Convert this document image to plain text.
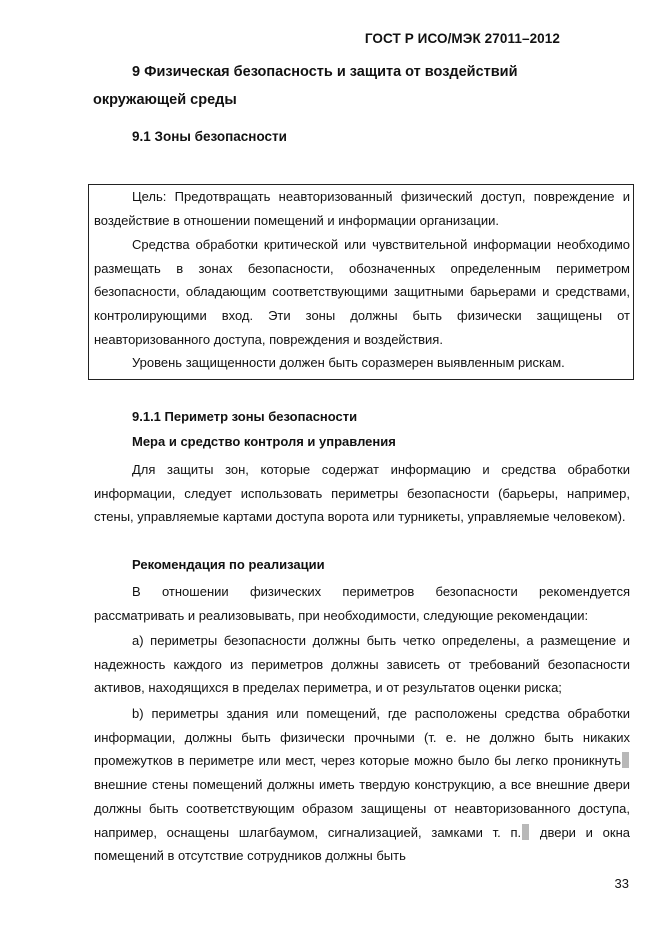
ГОСТ Р ИСО/МЭК 27011–2012
9 Физическая безопасность и защита от воздействий
окружающей среды
9.1 Зоны безопасности
Цель: Предотвращать неавторизованный физический доступ, повреждение и воздействие в отношении помещений и информации организации.
Средства обработки критической или чувствительной информации необходимо размещать в зонах безопасности, обозначенных определенным периметром безопасности, обладающим соответствующими защитными барьерами и средствами, контролирующими вход. Эти зоны должны быть физически защищены от неавторизованного доступа, повреждения и воздействия.
Уровень защищенности должен быть соразмерен выявленным рискам.
9.1.1 Периметр зоны безопасности
Мера и средство контроля и управления
Для защиты зон, которые содержат информацию и средства обработки информации, следует использовать периметры безопасности (барьеры, например, стены, управляемые картами доступа ворота или турникеты, управляемые человеком).
Рекомендация по реализации
В отношении физических периметров безопасности рекомендуется рассматривать и реализовывать, при необходимости, следующие рекомендации:
а) периметры безопасности должны быть четко определены, а размещение и надежность каждого из периметров должны зависеть от требований безопасности активов, находящихся в пределах периметра, и от результатов оценки риска;
b) периметры здания или помещений, где расположены средства обработки информации, должны быть физически прочными (т. е. не должно быть никаких промежутков в периметре или мест, через которые можно было бы легко проникнуть внешние стены помещений должны иметь твердую конструкцию, а все внешние двери должны быть соответствующим образом защищены от неавторизованного доступа, например, оснащены шлагбаумом, сигнализацией, замками т. п. двери и окна помещений в отсутствие сотрудников должны быть
33
